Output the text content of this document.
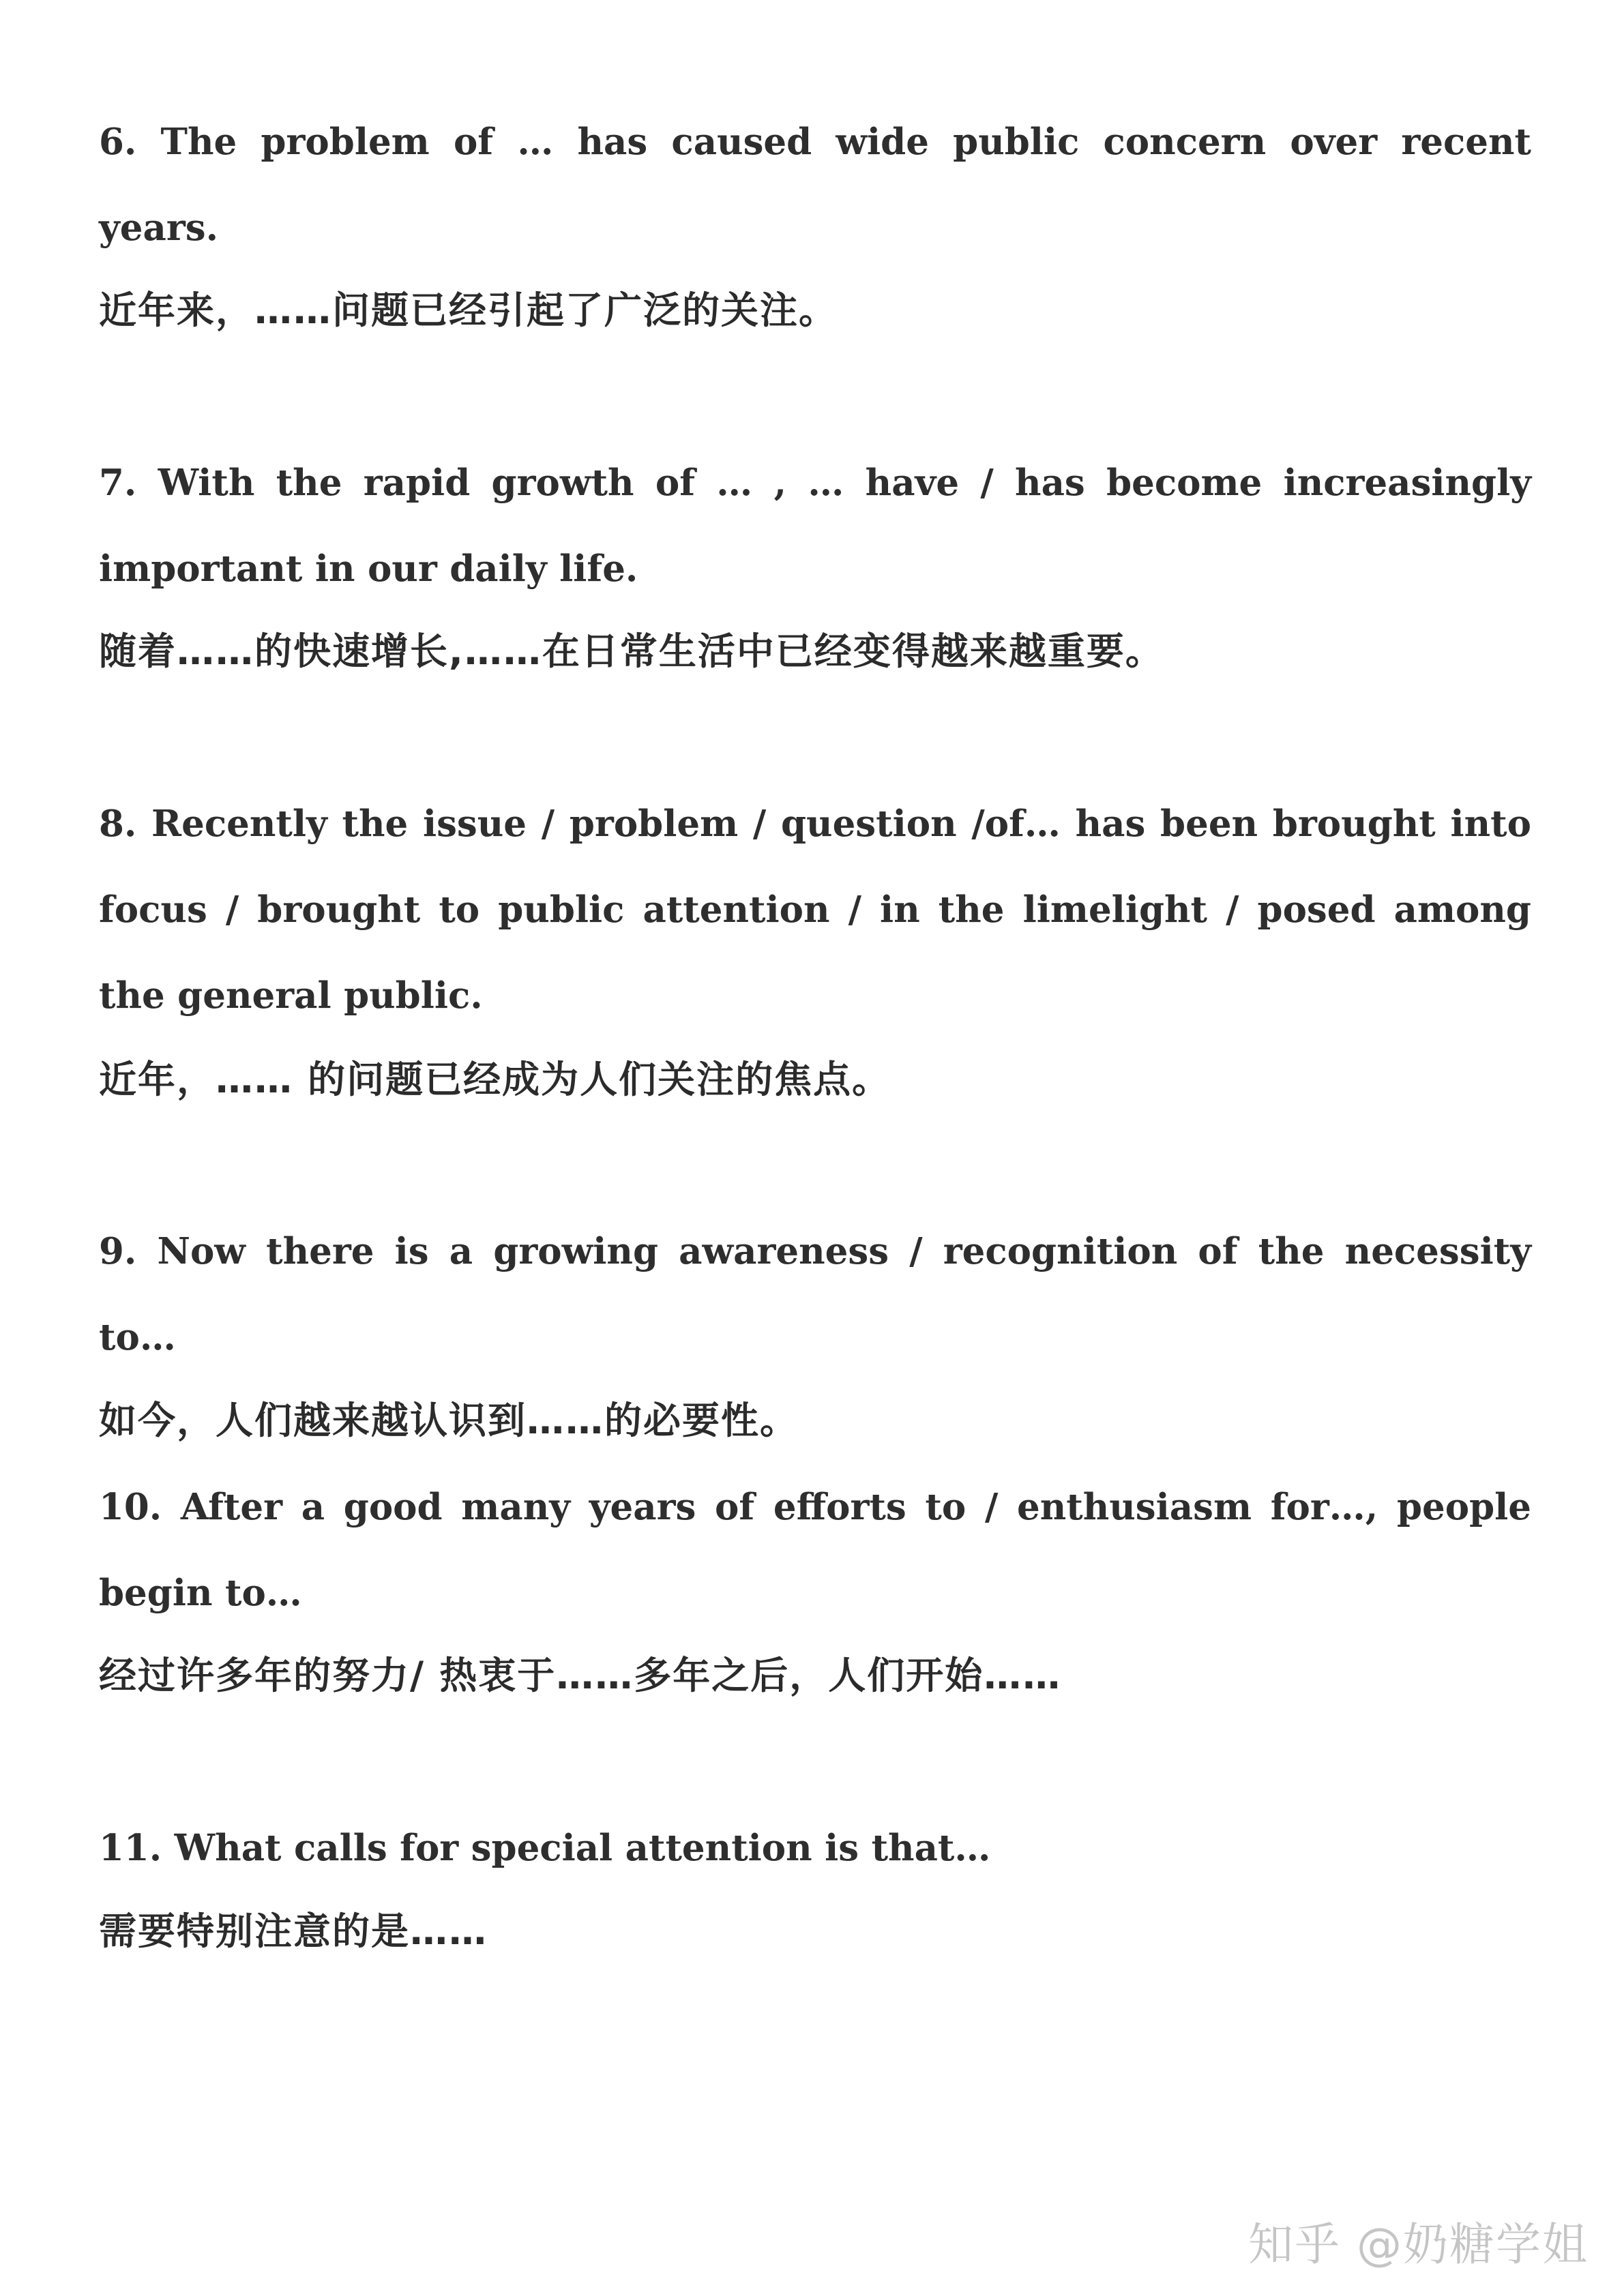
6. The problem of … has caused wide public concern over recent years.

近年来，……问题已经引起了广泛的关注。

7. With the rapid growth of … , … have / has become increasingly important in our daily life.

随着……的快速增长,……在日常生活中已经变得越来越重要。

8. Recently the issue / problem / question /of… has been brought into focus / brought to public attention / in the limelight / posed among the general public.

近年，…… 的问题已经成为人们关注的焦点。

9. Now there is a growing awareness / recognition of the necessity to…

如今，人们越来越认识到……的必要性。

10. After a good many years of efforts to / enthusiasm for…, people begin to…

经过许多年的努力/ 热衷于……多年之后，人们开始……

11. What calls for special attention is that…

需要特别注意的是……

知乎 @奶糖学姐
